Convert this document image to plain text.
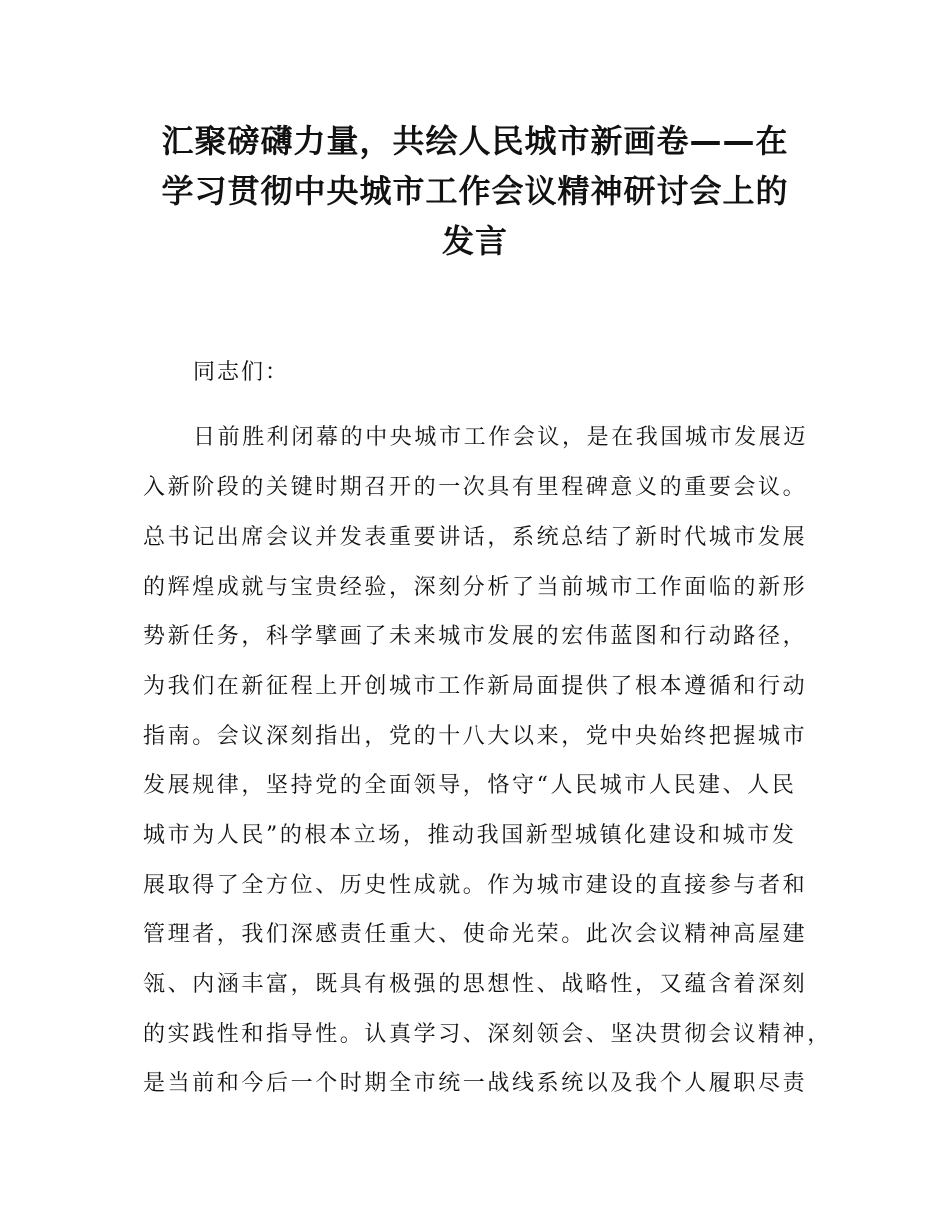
汇聚磅礴力量，共绘人民城市新画卷——在
学习贯彻中央城市工作会议精神研讨会上的
发言

同志们：

日前胜利闭幕的中央城市工作会议，是在我国城市发展迈

入新阶段的关键时期召开的一次具有里程碑意义的重要会议。

总书记出席会议并发表重要讲话，系统总结了新时代城市发展

的辉煌成就与宝贵经验，深刻分析了当前城市工作面临的新形

势新任务，科学擘画了未来城市发展的宏伟蓝图和行动路径，

为我们在新征程上开创城市工作新局面提供了根本遵循和行动

指南。会议深刻指出，党的十八大以来，党中央始终把握城市

发展规律，坚持党的全面领导，恪守“人民城市人民建、人民

城市为人民”的根本立场，推动我国新型城镇化建设和城市发

展取得了全方位、历史性成就。作为城市建设的直接参与者和

管理者，我们深感责任重大、使命光荣。此次会议精神高屋建

瓴、内涵丰富，既具有极强的思想性、战略性，又蕴含着深刻

的实践性和指导性。认真学习、深刻领会、坚决贯彻会议精神，

是当前和今后一个时期全市统一战线系统以及我个人履职尽责
